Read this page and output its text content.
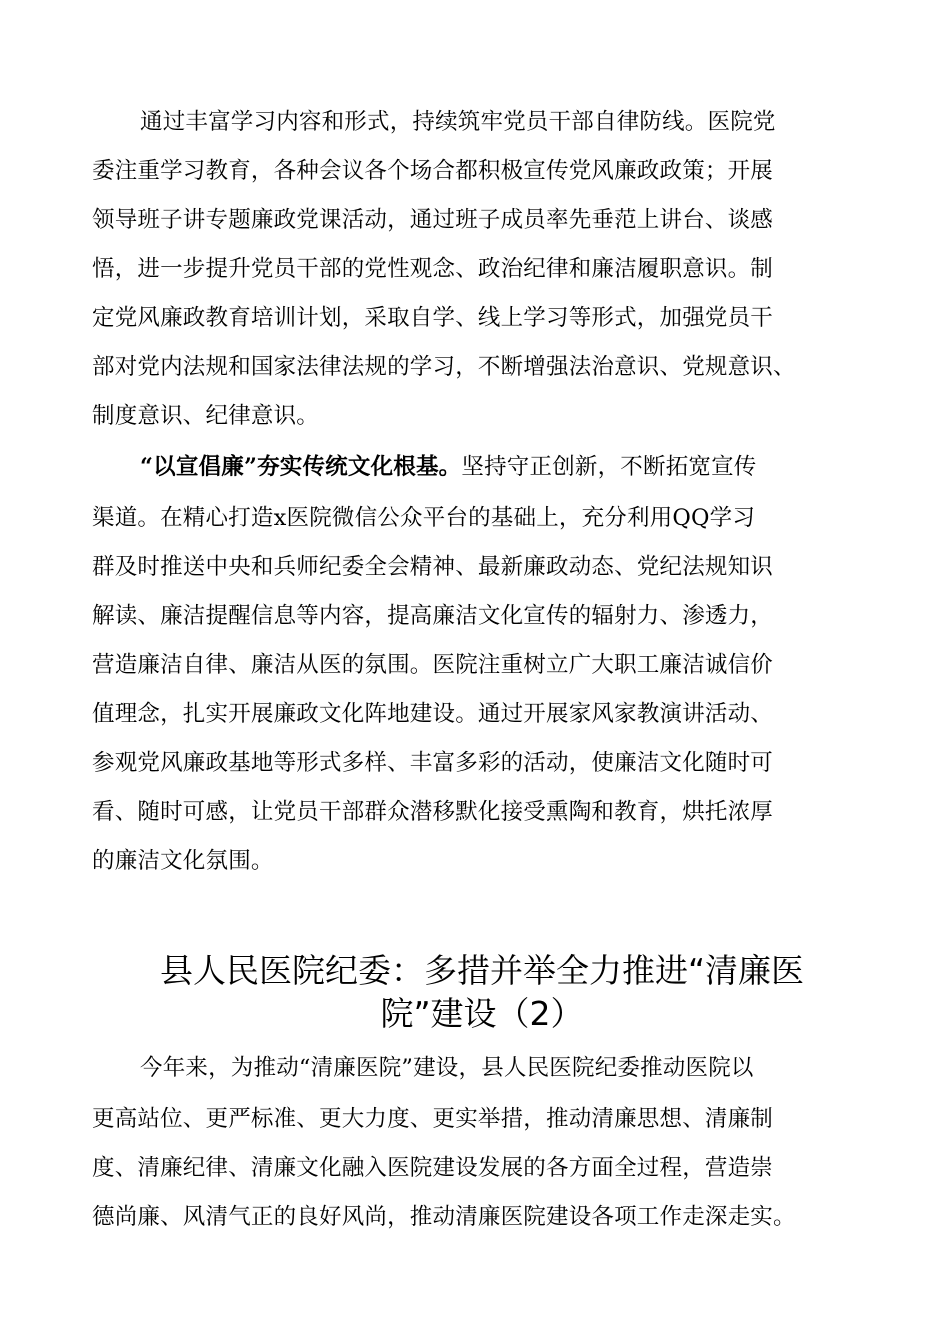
通过丰富学习内容和形式，持续筑牢党员干部自律防线。医院党
委注重学习教育，各种会议各个场合都积极宣传党风廉政政策；开展
领导班子讲专题廉政党课活动，通过班子成员率先垂范上讲台、谈感
悟，进一步提升党员干部的党性观念、政治纪律和廉洁履职意识。制
定党风廉政教育培训计划，采取自学、线上学习等形式，加强党员干
部对党内法规和国家法律法规的学习，不断增强法治意识、党规意识、
制度意识、纪律意识。
“以宣倡廉”夯实传统文化根基。坚持守正创新，不断拓宽宣传
渠道。在精心打造x医院微信公众平台的基础上，充分利用QQ学习
群及时推送中央和兵师纪委全会精神、最新廉政动态、党纪法规知识
解读、廉洁提醒信息等内容，提高廉洁文化宣传的辐射力、渗透力，
营造廉洁自律、廉洁从医的氛围。医院注重树立广大职工廉洁诚信价
值理念，扎实开展廉政文化阵地建设。通过开展家风家教演讲活动、
参观党风廉政基地等形式多样、丰富多彩的活动，使廉洁文化随时可
看、随时可感，让党员干部群众潜移默化接受熏陶和教育，烘托浓厚
的廉洁文化氛围。
县人民医院纪委：多措并举全力推进“清廉医
院”建设（2）
今年来，为推动“清廉医院”建设，县人民医院纪委推动医院以
更高站位、更严标准、更大力度、更实举措，推动清廉思想、清廉制
度、清廉纪律、清廉文化融入医院建设发展的各方面全过程，营造崇
德尚廉、风清气正的良好风尚，推动清廉医院建设各项工作走深走实。
